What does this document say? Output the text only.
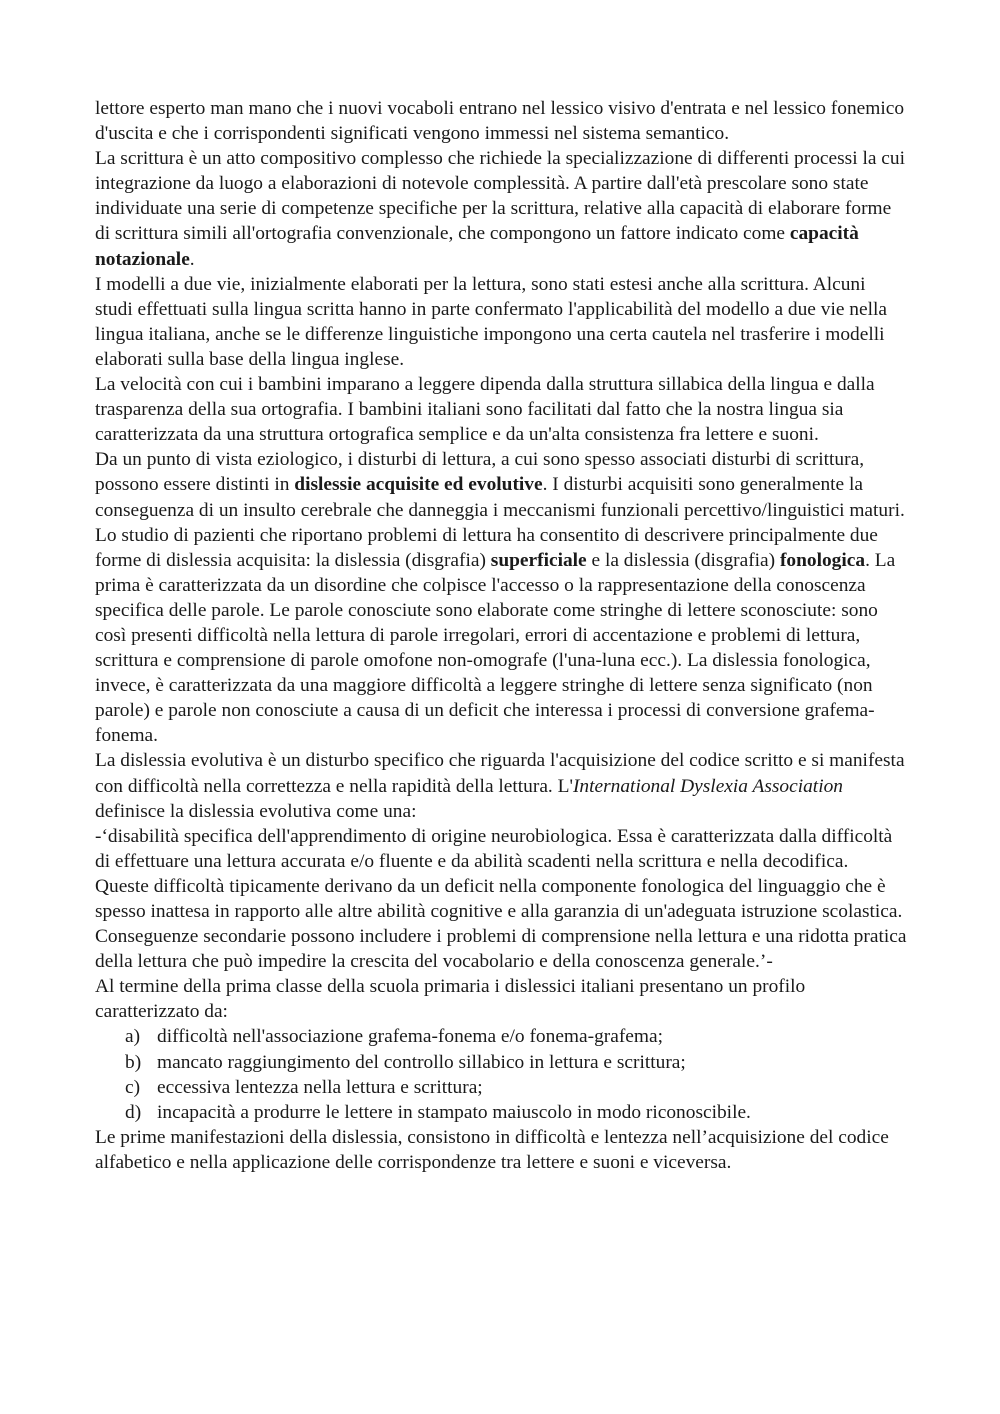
lettore esperto man mano che i nuovi vocaboli entrano nel lessico visivo d'entrata e nel lessico fonemico d'uscita e che i corrispondenti significati vengono immessi nel sistema semantico.

La scrittura è un atto compositivo complesso che richiede la specializzazione di differenti processi la cui integrazione da luogo a elaborazioni di notevole complessità. A partire dall'età prescolare sono state individuate una serie di competenze specifiche per la scrittura, relative alla capacità di elaborare forme di scrittura simili all'ortografia convenzionale, che compongono un fattore indicato come capacità notazionale.

I modelli a due vie, inizialmente elaborati per la lettura, sono stati estesi anche alla scrittura. Alcuni studi effettuati sulla lingua scritta hanno in parte confermato l'applicabilità del modello a due vie nella lingua italiana, anche se le differenze linguistiche impongono una certa cautela nel trasferire i modelli elaborati sulla base della lingua inglese.

La velocità con cui i bambini imparano a leggere dipenda dalla struttura sillabica della lingua e dalla trasparenza della sua ortografia. I bambini italiani sono facilitati dal fatto che la nostra lingua sia caratterizzata da una struttura ortografica semplice e da un'alta consistenza fra lettere e suoni.

Da un punto di vista eziologico, i disturbi di lettura, a cui sono spesso associati disturbi di scrittura, possono essere distinti in dislessie acquisite ed evolutive. I disturbi acquisiti sono generalmente la conseguenza di un insulto cerebrale che danneggia i meccanismi funzionali percettivo/linguistici maturi. Lo studio di pazienti che riportano problemi di lettura ha consentito di descrivere principalmente due forme di dislessia acquisita: la dislessia (disgrafia) superficiale e la dislessia (disgrafia) fonologica. La prima è caratterizzata da un disordine che colpisce l'accesso o la rappresentazione della conoscenza specifica delle parole. Le parole conosciute sono elaborate come stringhe di lettere sconosciute: sono così presenti difficoltà nella lettura di parole irregolari, errori di accentazione e problemi di lettura, scrittura e comprensione di parole omofone non-omografe (l'una-luna ecc.). La dislessia fonologica, invece, è caratterizzata da una maggiore difficoltà a leggere stringhe di lettere senza significato (non parole) e parole non conosciute a causa di un deficit che interessa i processi di conversione grafema-fonema.

La dislessia evolutiva è un disturbo specifico che riguarda l'acquisizione del codice scritto e si manifesta con difficoltà nella correttezza e nella rapidità della lettura. L'International Dyslexia Association definisce la dislessia evolutiva come una:

-‘disabilità specifica dell'apprendimento di origine neurobiologica. Essa è caratterizzata dalla difficoltà di effettuare una lettura accurata e/o fluente e da abilità scadenti nella scrittura e nella decodifica. Queste difficoltà tipicamente derivano da un deficit nella componente fonologica del linguaggio che è spesso inattesa in rapporto alle altre abilità cognitive e alla garanzia di un'adeguata istruzione scolastica. Conseguenze secondarie possono includere i problemi di comprensione nella lettura e una ridotta pratica della lettura che può impedire la crescita del vocabolario e della conoscenza generale.’-

Al termine della prima classe della scuola primaria i dislessici italiani presentano un profilo caratterizzato da:

a) difficoltà nell'associazione grafema-fonema e/o fonema-grafema;
b) mancato raggiungimento del controllo sillabico in lettura e scrittura;
c) eccessiva lentezza nella lettura e scrittura;
d) incapacità a produrre le lettere in stampato maiuscolo in modo riconoscibile.

Le prime manifestazioni della dislessia, consistono in difficoltà e lentezza nell’acquisizione del codice alfabetico e nella applicazione delle corrispondenze tra lettere e suoni e viceversa.
